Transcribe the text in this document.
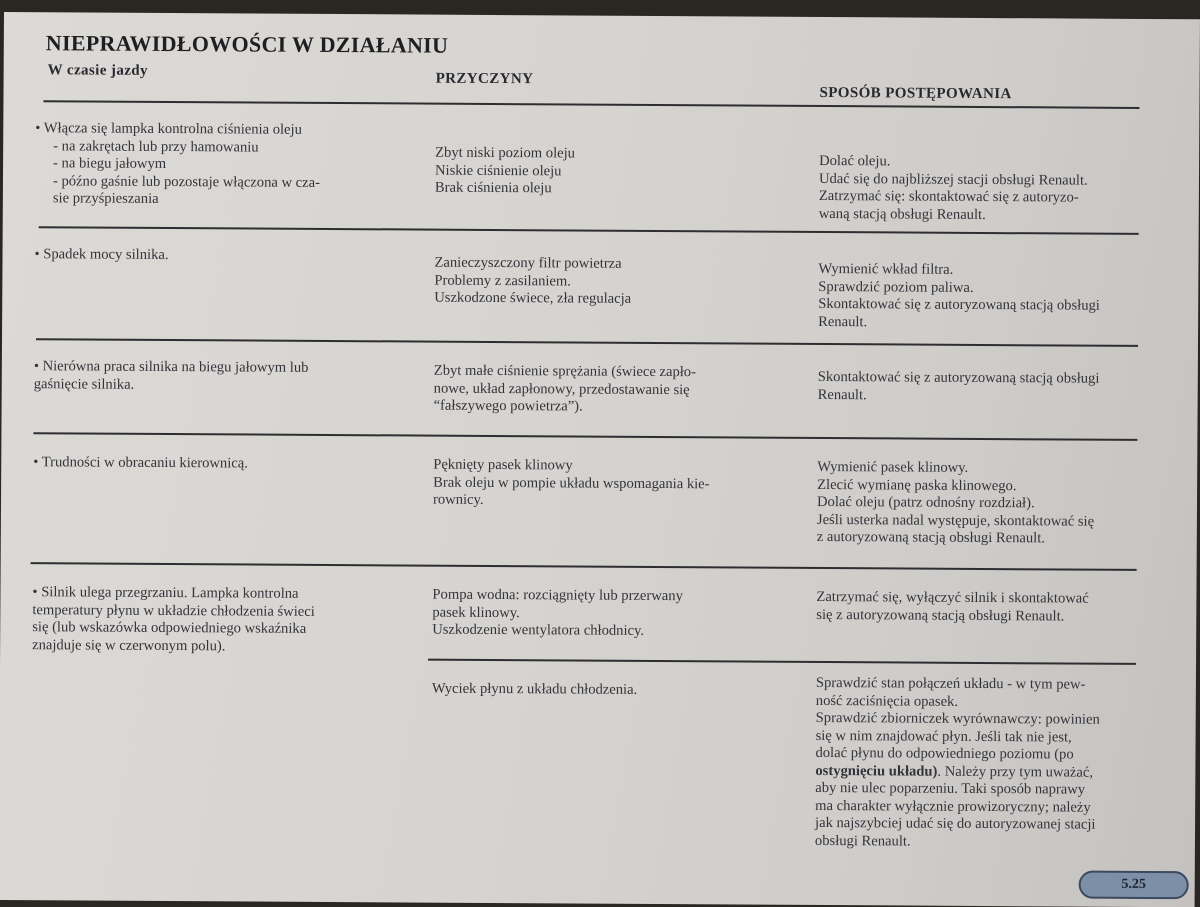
NIEPRAWIDŁOWOŚCI W DZIAŁANIU
W czasie jazdy
PRZYCZYNY
SPOSÓB POSTĘPOWANIA
• Włącza się lampka kontrolna ciśnienia oleju
- na zakrętach lub przy hamowaniu
- na biegu jałowym
- późno gaśnie lub pozostaje włączona w cza-
sie przyśpieszania
Zbyt niski poziom oleju
Niskie ciśnienie oleju
Brak ciśnienia oleju
Dolać oleju.
Udać się do najbliższej stacji obsługi Renault.
Zatrzymać się: skontaktować się z autoryzo-
waną stacją obsługi Renault.
• Spadek mocy silnika.
Zanieczyszczony filtr powietrza
Problemy z zasilaniem.
Uszkodzone świece, zła regulacja
Wymienić wkład filtra.
Sprawdzić poziom paliwa.
Skontaktować się z autoryzowaną stacją obsługi
Renault.
• Nierówna praca silnika na biegu jałowym lub
gaśnięcie silnika.
Zbyt małe ciśnienie sprężania (świece zapło-
nowe, układ zapłonowy, przedostawanie się
“fałszywego powietrza”).
Skontaktować się z autoryzowaną stacją obsługi
Renault.
• Trudności w obracaniu kierownicą.	Pęknięty pasek klinowy
Brak oleju w pompie układu wspomagania kie-
rownicy.
Wymienić pasek klinowy.
Zlecić wymianę paska klinowego.
Dolać oleju (patrz odnośny rozdział).
Jeśli usterka nadal występuje, skontaktować się
z autoryzowaną stacją obsługi Renault.
• Silnik ulega przegrzaniu. Lampka kontrolna
temperatury płynu w układzie chłodzenia świeci
się (lub wskazówka odpowiedniego wskaźnika
znajduje się w czerwonym polu).
Pompa wodna: rozciągnięty lub przerwany
pasek klinowy.
Uszkodzenie wentylatora chłodnicy.
Zatrzymać się, wyłączyć silnik i skontaktować
się z autoryzowaną stacją obsługi Renault.
Wyciek płynu z układu chłodzenia.	Sprawdzić stan połączeń układu - w tym pew-
ność zaciśnięcia opasek.
Sprawdzić zbiorniczek wyrównawczy: powinien
się w nim znajdować płyn. Jeśli tak nie jest,
dolać płynu do odpowiedniego poziomu (po
ostygnięciu układu). Należy przy tym uważać,
aby nie ulec poparzeniu. Taki sposób naprawy
ma charakter wyłącznie prowizoryczny; należy
jak najszybciej udać się do autoryzowanej stacji
obsługi Renault.
5.25
